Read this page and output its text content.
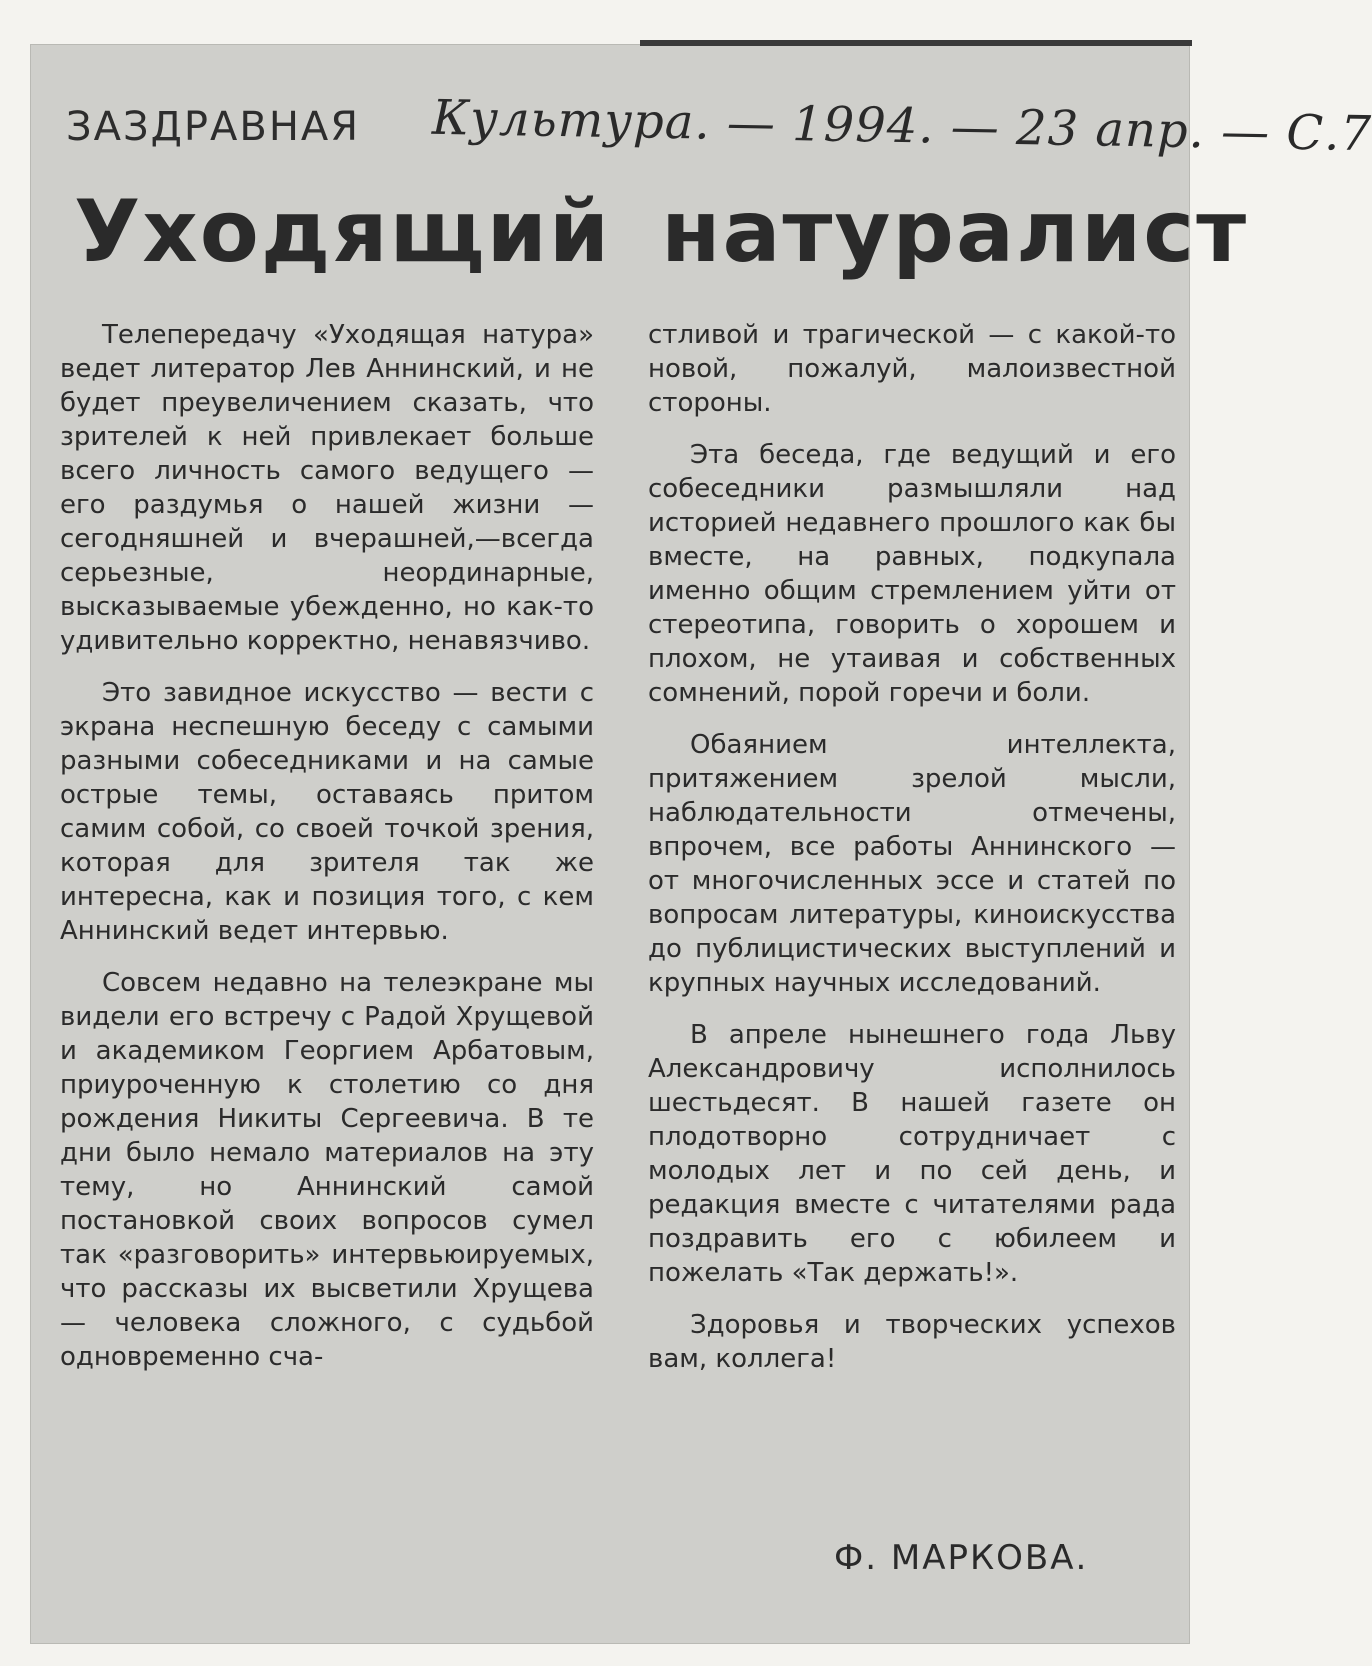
ЗАЗДРАВНАЯ Культура. — 1994. — 23 апр. — С.7
Уходящий натуралист

Телепередачу «Уходящая натура» ведет литератор Лев Аннинский, и не будет преувеличением сказать, что зрителей к ней привлекает больше всего личность самого ведущего — его раздумья о нашей жизни — сегодняшней и вчерашней,—всегда серьезные, неординарные, высказываемые убежденно, но как-то удивительно корректно, ненавязчиво.

Это завидное искусство — вести с экрана неспешную беседу с самыми разными собеседниками и на самые острые темы, оставаясь притом самим собой, со своей точкой зрения, которая для зрителя так же интересна, как и позиция того, с кем Аннинский ведет интервью.

Совсем недавно на телеэкране мы видели его встречу с Радой Хрущевой и академиком Георгием Арбатовым, приуроченную к столетию со дня рождения Никиты Сергеевича. В те дни было немало материалов на эту тему, но Аннинский самой постановкой своих вопросов сумел так «разговорить» интервьюируемых, что рассказы их высветили Хрущева — человека сложного, с судьбой одновременно сча-

стливой и трагической — с какой-то новой, пожалуй, малоизвестной стороны.

Эта беседа, где ведущий и его собеседники размышляли над историей недавнего прошлого как бы вместе, на равных, подкупала именно общим стремлением уйти от стереотипа, говорить о хорошем и плохом, не утаивая и собственных сомнений, порой горечи и боли.

Обаянием интеллекта, притяжением зрелой мысли, наблюдательности отмечены, впрочем, все работы Аннинского — от многочисленных эссе и статей по вопросам литературы, киноискусства до публицистических выступлений и крупных научных исследований.

В апреле нынешнего года Льву Александровичу исполнилось шестьдесят. В нашей газете он плодотворно сотрудничает с молодых лет и по сей день, и редакция вместе с читателями рада поздравить его с юбилеем и пожелать «Так держать!».

Здоровья и творческих успехов вам, коллега!

Ф. МАРКОВА.
